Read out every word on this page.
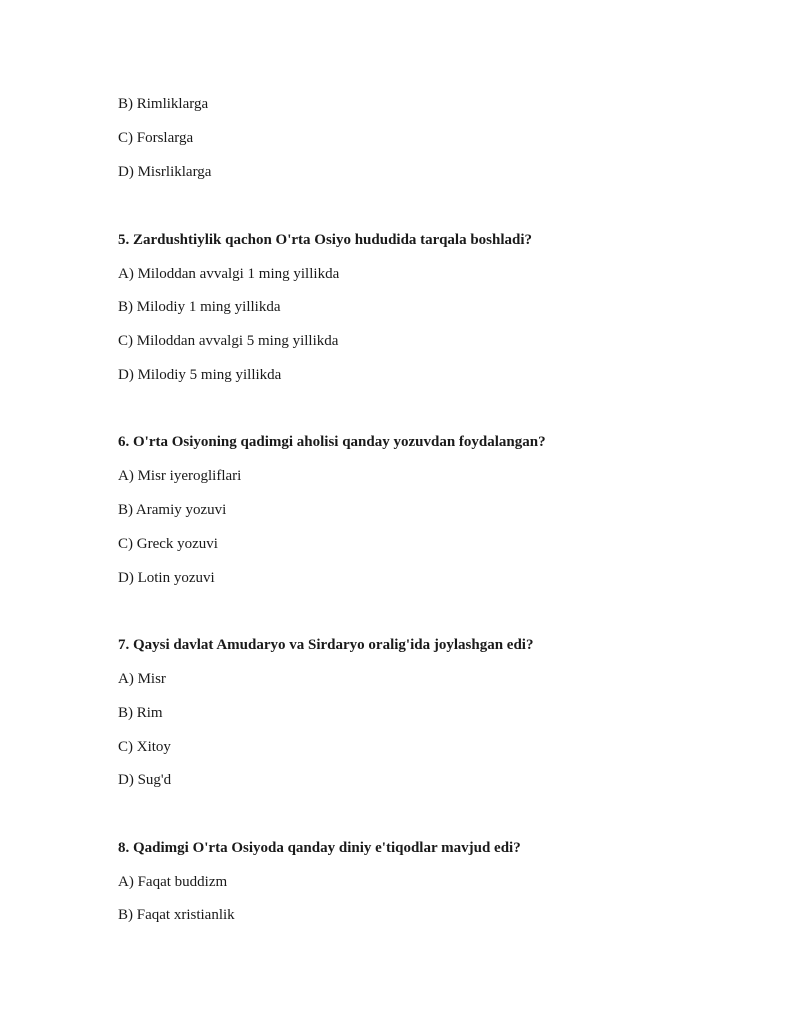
B) Rimliklarga
C) Forslarga
D) Misrliklarga
5. Zardushtiylik qachon O'rta Osiyo hududida tarqala boshladi?
A) Miloddan avvalgi 1 ming yillikda
B) Milodiy 1 ming yillikda
C) Miloddan avvalgi 5 ming yillikda
D) Milodiy 5 ming yillikda
6. O'rta Osiyoning qadimgi aholisi qanday yozuvdan foydalangan?
A) Misr iyerogliflari
B) Aramiy yozuvi
C) Greck yozuvi
D) Lotin yozuvi
7. Qaysi davlat Amudaryo va Sirdaryo oralig'ida joylashgan edi?
A) Misr
B) Rim
C) Xitoy
D) Sug'd
8. Qadimgi O'rta Osiyoda qanday diniy e'tiqodlar mavjud edi?
A) Faqat buddizm
B) Faqat xristianlik
